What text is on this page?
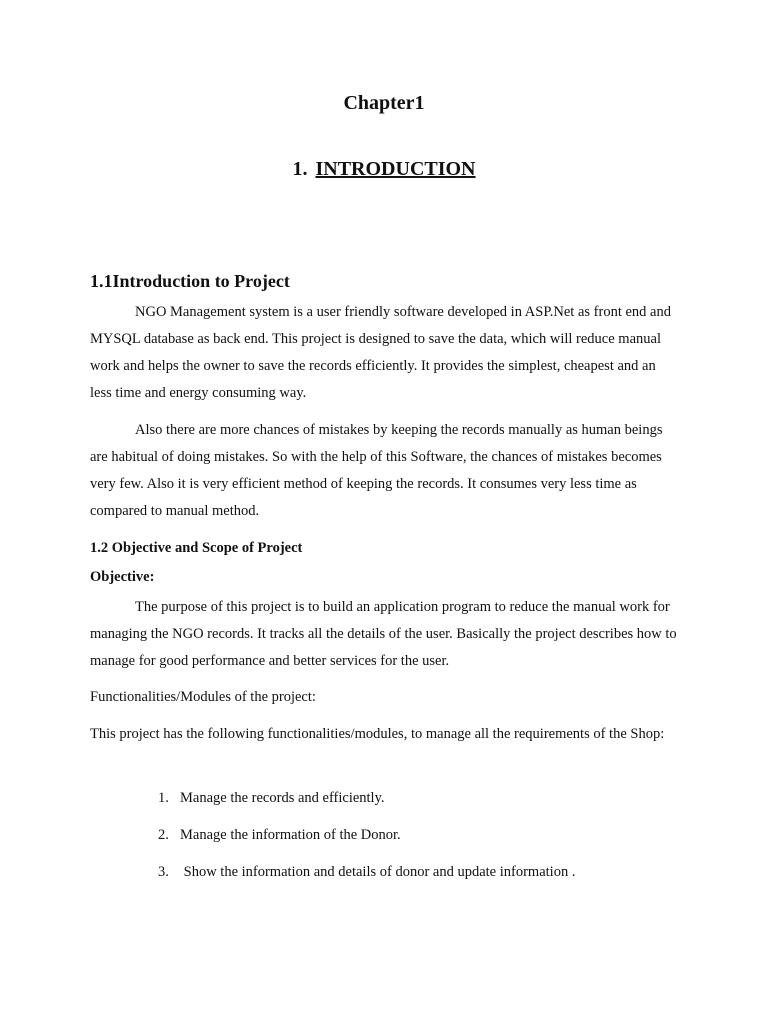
Chapter1
1. INTRODUCTION
1.1Introduction to Project
NGO Management system is a user friendly software developed in ASP.Net as front end and MYSQL database as back end. This project is designed to save the data, which will reduce manual work and helps the owner to save the records efficiently. It provides the simplest, cheapest and an less time and energy consuming way.
Also there are more chances of mistakes by keeping the records manually as human beings are habitual of doing mistakes. So with the help of this Software, the chances of mistakes becomes very few. Also it is very efficient method of keeping the records. It consumes very less time as compared to manual method.
1.2 Objective and Scope of Project
Objective:
The purpose of this project is to build an application program to reduce the manual work for managing the NGO records. It tracks all the details of the user. Basically the project describes how to manage for good performance and better services for the user.
Functionalities/Modules of the project:
This project has the following functionalities/modules, to manage all the requirements of the Shop:
1. Manage the records and efficiently.
2. Manage the information of the Donor.
3. Show the information and details of donor and update information .
